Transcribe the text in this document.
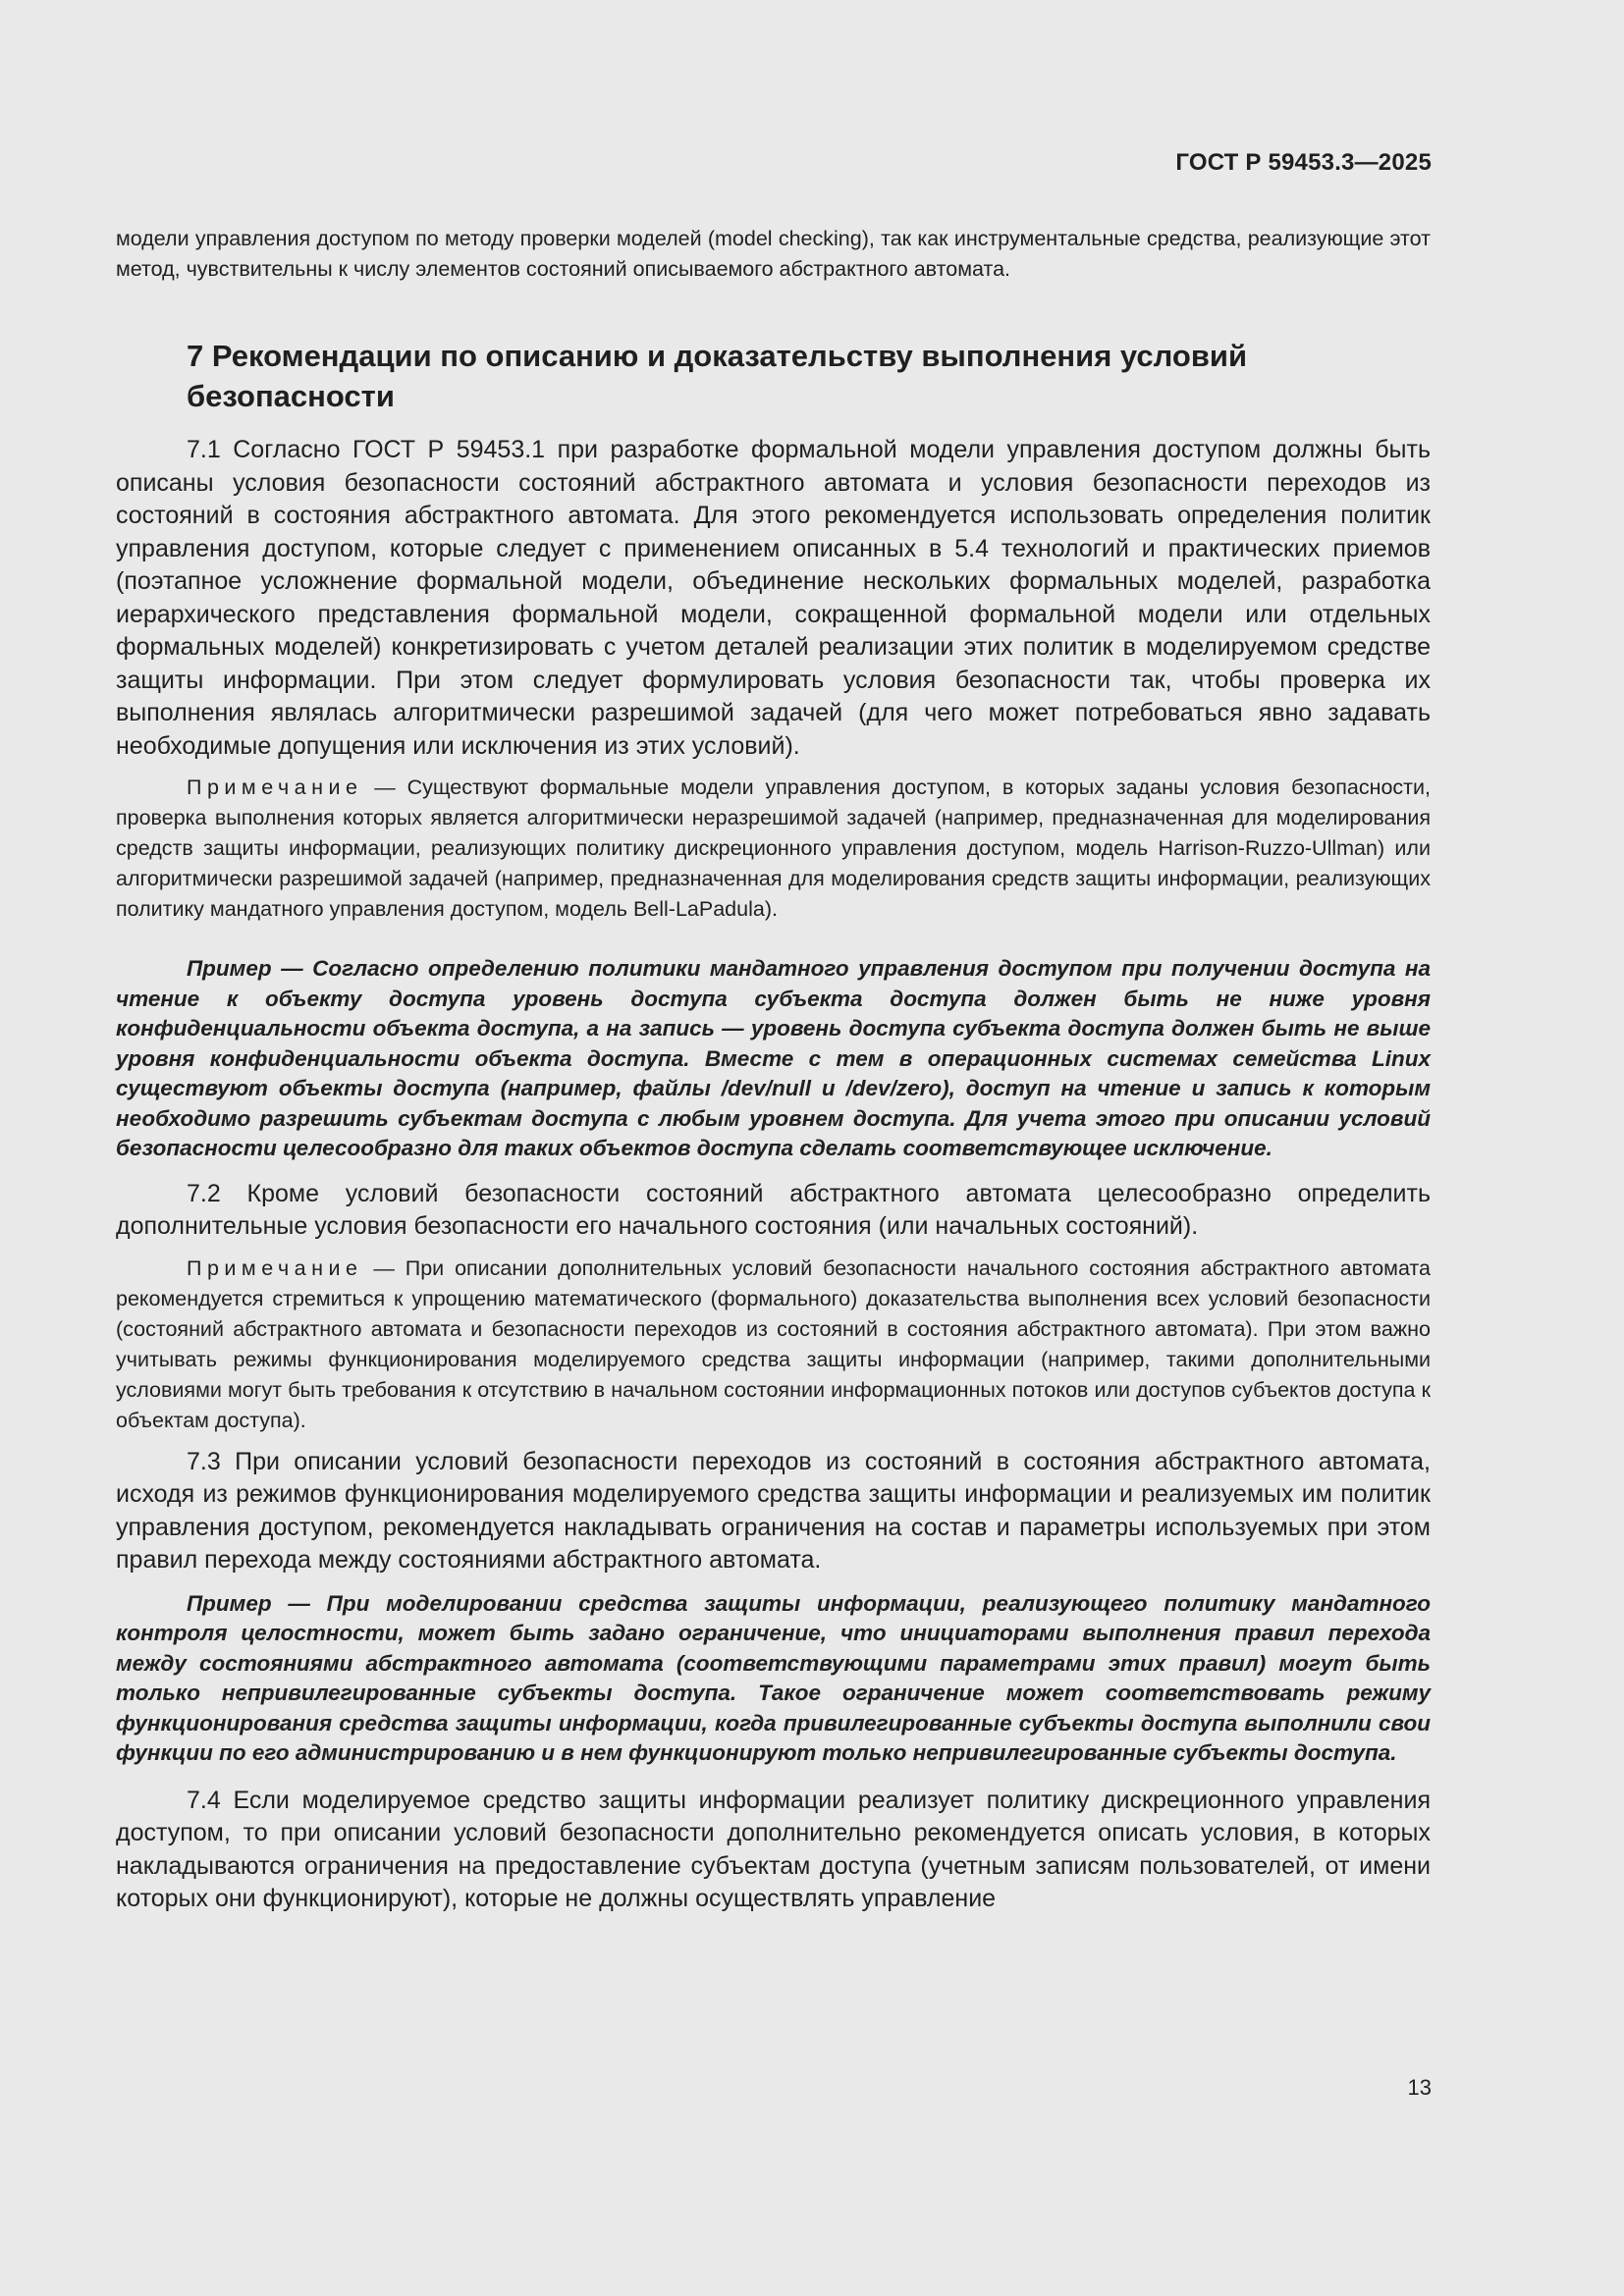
ГОСТ Р 59453.3—2025

модели управления доступом по методу проверки моделей (model checking), так как инструментальные средства, реализующие этот метод, чувствительны к числу элементов состояний описываемого абстрактного автомата.

7 Рекомендации по описанию и доказательству выполнения условий безопасности

7.1 Согласно ГОСТ Р 59453.1 при разработке формальной модели управления доступом должны быть описаны условия безопасности состояний абстрактного автомата и условия безопасности переходов из состояний в состояния абстрактного автомата. Для этого рекомендуется использовать определения политик управления доступом, которые следует с применением описанных в 5.4 технологий и практических приемов (поэтапное усложнение формальной модели, объединение нескольких формальных моделей, разработка иерархического представления формальной модели, сокращенной формальной модели или отдельных формальных моделей) конкретизировать с учетом деталей реализации этих политик в моделируемом средстве защиты информации. При этом следует формулировать условия безопасности так, чтобы проверка их выполнения являлась алгоритмически разрешимой задачей (для чего может потребоваться явно задавать необходимые допущения или исключения из этих условий).

Примечание — Существуют формальные модели управления доступом, в которых заданы условия безопасности, проверка выполнения которых является алгоритмически неразрешимой задачей (например, предназначенная для моделирования средств защиты информации, реализующих политику дискреционного управления доступом, модель Harrison-Ruzzo-Ullman) или алгоритмически разрешимой задачей (например, предназначенная для моделирования средств защиты информации, реализующих политику мандатного управления доступом, модель Bell-LaPadula).

Пример — Согласно определению политики мандатного управления доступом при получении доступа на чтение к объекту доступа уровень доступа субъекта доступа должен быть не ниже уровня конфиденциальности объекта доступа, а на запись — уровень доступа субъекта доступа должен быть не выше уровня конфиденциальности объекта доступа. Вместе с тем в операционных системах семейства Linux существуют объекты доступа (например, файлы /dev/null и /dev/zero), доступ на чтение и запись к которым необходимо разрешить субъектам доступа с любым уровнем доступа. Для учета этого при описании условий безопасности целесообразно для таких объектов доступа сделать соответствующее исключение.

7.2 Кроме условий безопасности состояний абстрактного автомата целесообразно определить дополнительные условия безопасности его начального состояния (или начальных состояний).

Примечание — При описании дополнительных условий безопасности начального состояния абстрактного автомата рекомендуется стремиться к упрощению математического (формального) доказательства выполнения всех условий безопасности (состояний абстрактного автомата и безопасности переходов из состояний в состояния абстрактного автомата). При этом важно учитывать режимы функционирования моделируемого средства защиты информации (например, такими дополнительными условиями могут быть требования к отсутствию в начальном состоянии информационных потоков или доступов субъектов доступа к объектам доступа).

7.3 При описании условий безопасности переходов из состояний в состояния абстрактного автомата, исходя из режимов функционирования моделируемого средства защиты информации и реализуемых им политик управления доступом, рекомендуется накладывать ограничения на состав и параметры используемых при этом правил перехода между состояниями абстрактного автомата.

Пример — При моделировании средства защиты информации, реализующего политику мандатного контроля целостности, может быть задано ограничение, что инициаторами выполнения правил перехода между состояниями абстрактного автомата (соответствующими параметрами этих правил) могут быть только непривилегированные субъекты доступа. Такое ограничение может соответствовать режиму функционирования средства защиты информации, когда привилегированные субъекты доступа выполнили свои функции по его администрированию и в нем функционируют только непривилегированные субъекты доступа.

7.4 Если моделируемое средство защиты информации реализует политику дискреционного управления доступом, то при описании условий безопасности дополнительно рекомендуется описать условия, в которых накладываются ограничения на предоставление субъектам доступа (учетным записям пользователей, от имени которых они функционируют), которые не должны осуществлять управление

13
